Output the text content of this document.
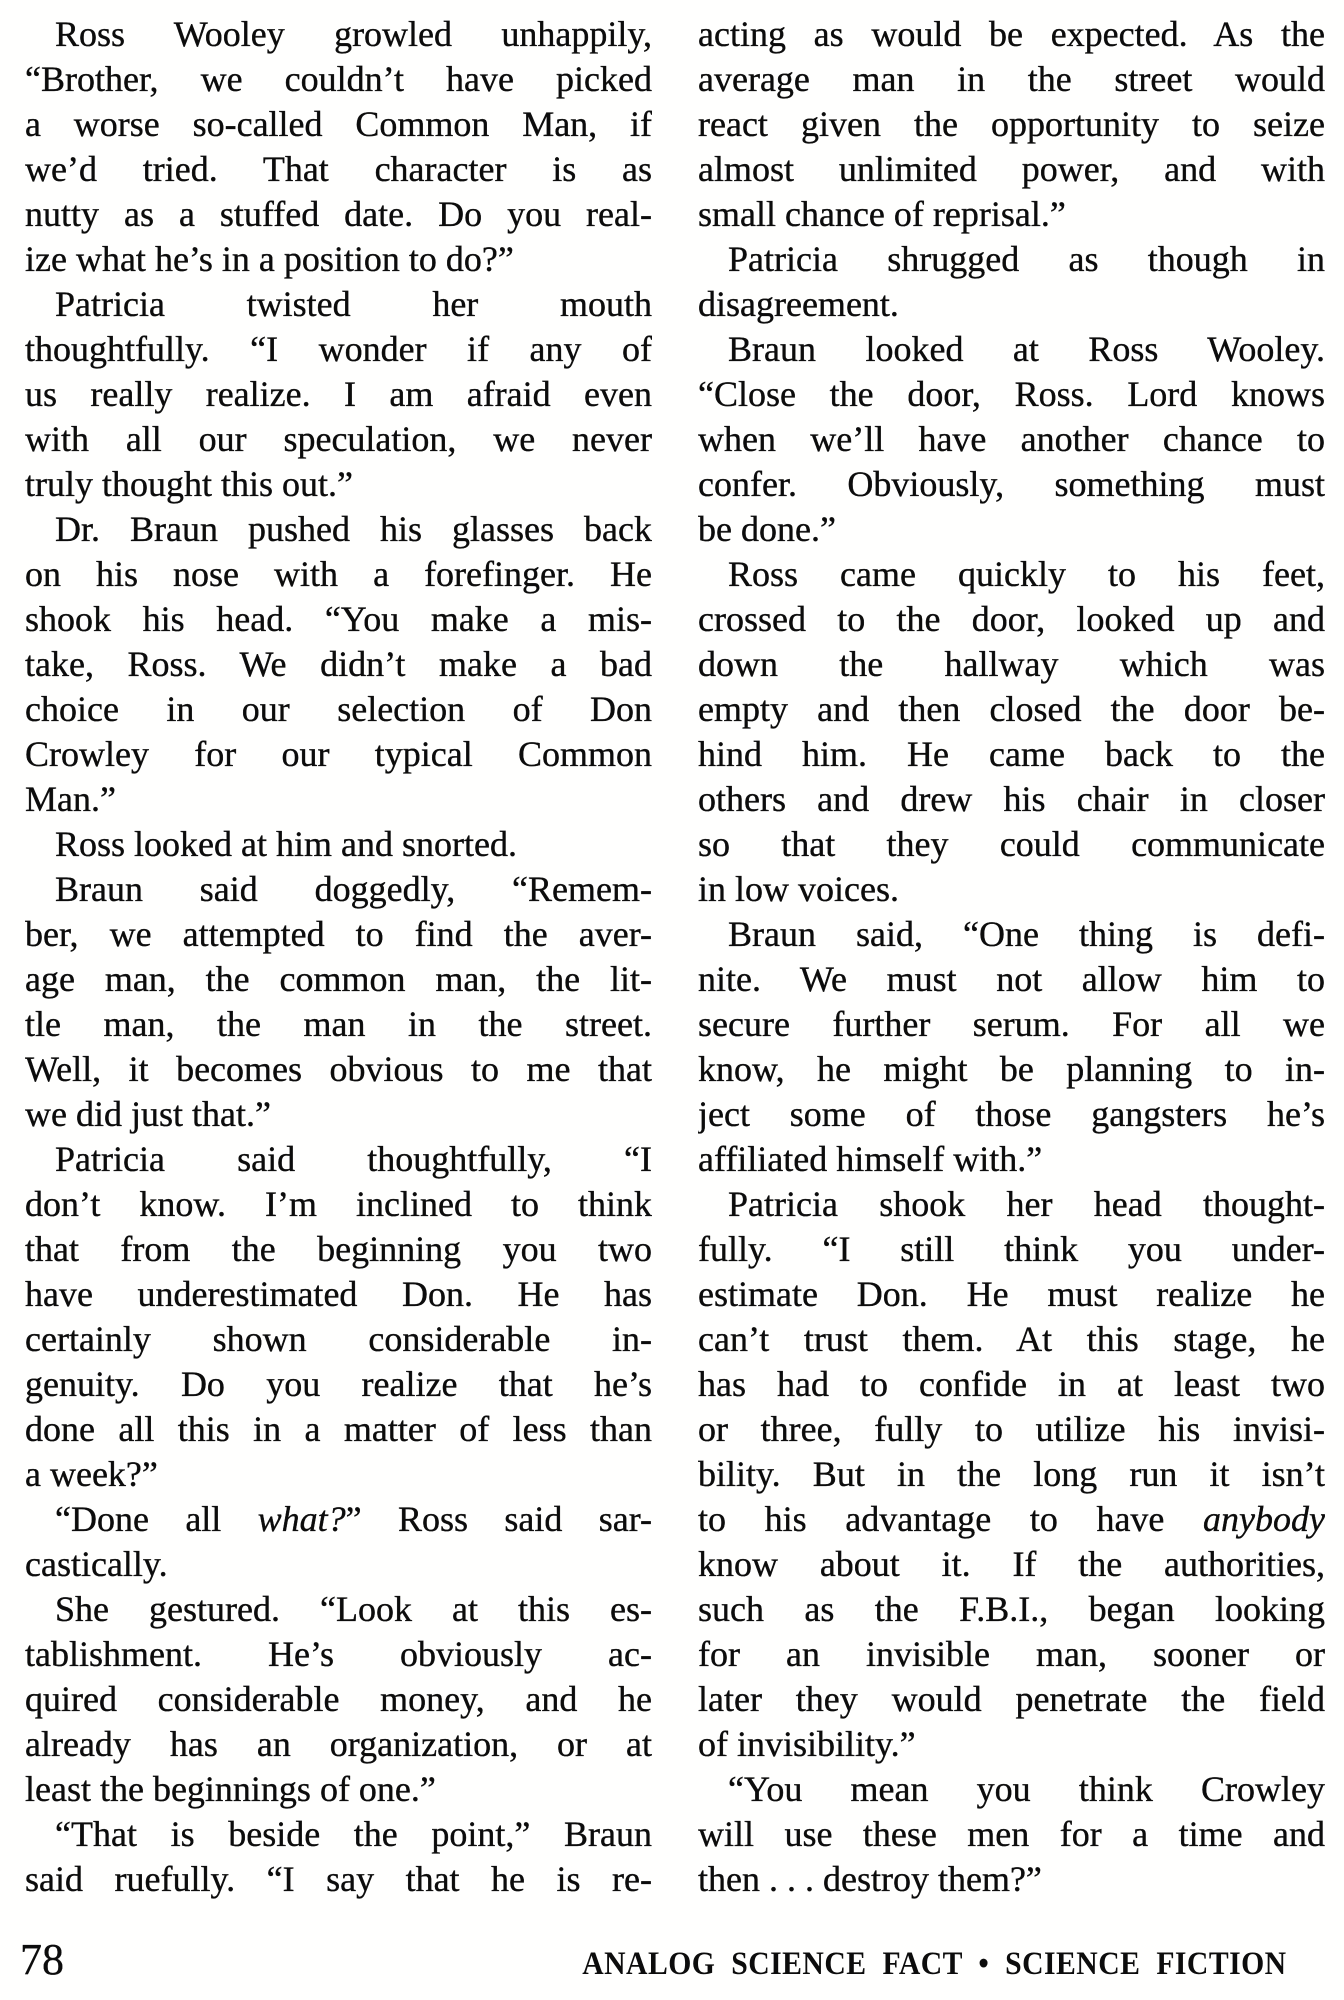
Ross Wooley growled unhappily,
“Brother, we couldn’t have picked
a worse so-called Common Man, if
we’d tried. That character is as
nutty as a stuffed date. Do you real-
ize what he’s in a position to do?”
Patricia twisted her mouth
thoughtfully. “I wonder if any of
us really realize. I am afraid even
with all our speculation, we never
truly thought this out.”
Dr. Braun pushed his glasses back
on his nose with a forefinger. He
shook his head. “You make a mis-
take, Ross. We didn’t make a bad
choice in our selection of Don
Crowley for our typical Common
Man.”
Ross looked at him and snorted.
Braun said doggedly, “Remem-
ber, we attempted to find the aver-
age man, the common man, the lit-
tle man, the man in the street.
Well, it becomes obvious to me that
we did just that.”
Patricia said thoughtfully, “I
don’t know. I’m inclined to think
that from the beginning you two
have underestimated Don. He has
certainly shown considerable in-
genuity. Do you realize that he’s
done all this in a matter of less than
a week?”
“Done all what?” Ross said sar-
castically.
She gestured. “Look at this es-
tablishment. He’s obviously ac-
quired considerable money, and he
already has an organization, or at
least the beginnings of one.”
“That is beside the point,” Braun
said ruefully. “I say that he is re-
acting as would be expected. As the
average man in the street would
react given the opportunity to seize
almost unlimited power, and with
small chance of reprisal.”
Patricia shrugged as though in
disagreement.
Braun looked at Ross Wooley.
“Close the door, Ross. Lord knows
when we’ll have another chance to
confer. Obviously, something must
be done.”
Ross came quickly to his feet,
crossed to the door, looked up and
down the hallway which was
empty and then closed the door be-
hind him. He came back to the
others and drew his chair in closer
so that they could communicate
in low voices.
Braun said, “One thing is defi-
nite. We must not allow him to
secure further serum. For all we
know, he might be planning to in-
ject some of those gangsters he’s
affiliated himself with.”
Patricia shook her head thought-
fully. “I still think you under-
estimate Don. He must realize he
can’t trust them. At this stage, he
has had to confide in at least two
or three, fully to utilize his invisi-
bility. But in the long run it isn’t
to his advantage to have anybody
know about it. If the authorities,
such as the F.B.I., began looking
for an invisible man, sooner or
later they would penetrate the field
of invisibility.”
“You mean you think Crowley
will use these men for a time and
then . . . destroy them?”
78	ANALOG SCIENCE FACT • SCIENCE FICTION
